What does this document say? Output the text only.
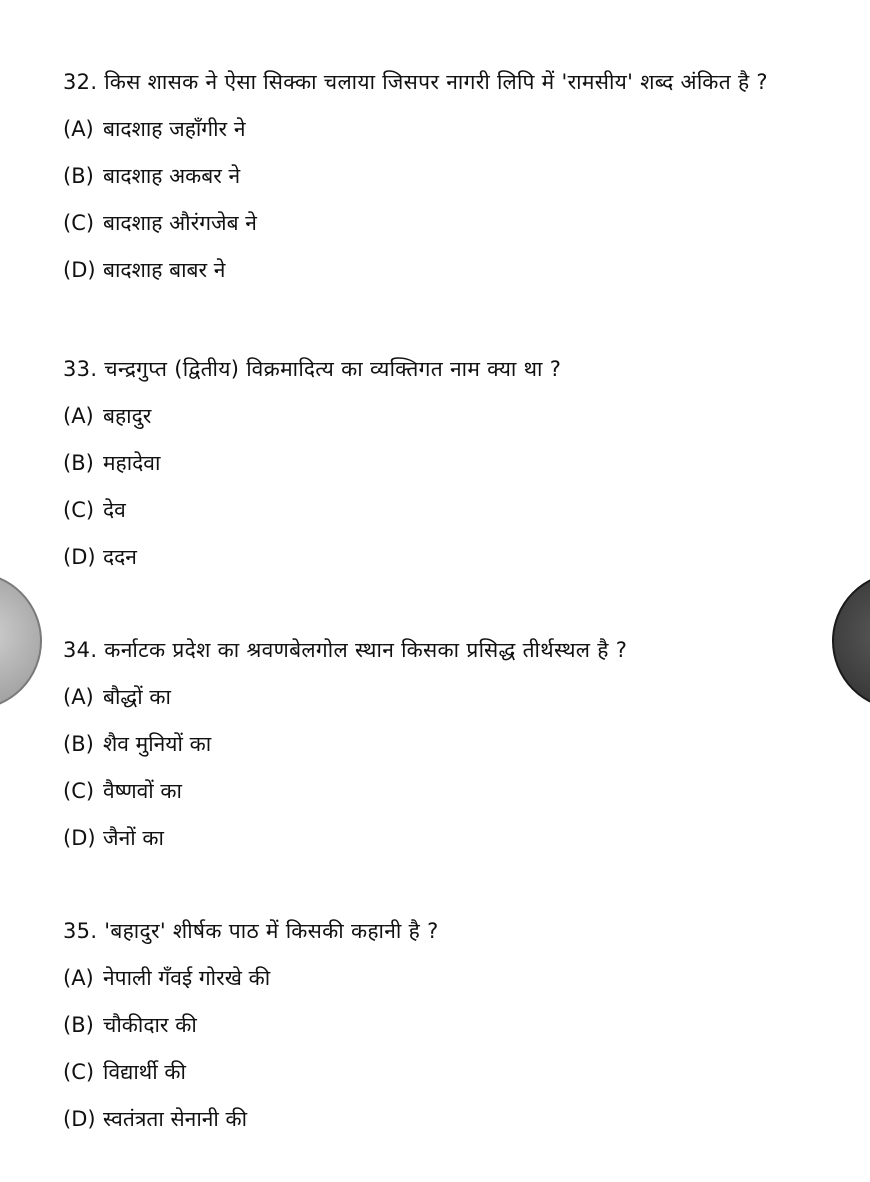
32. किस शासक ने ऐसा सिक्का चलाया जिसपर नागरी लिपि में 'रामसीय' शब्द अंकित है ?

(A) बादशाह जहाँगीर ने
(B) बादशाह अकबर ने
(C) बादशाह औरंगजेब ने
(D) बादशाह बाबर ने

33. चन्द्रगुप्त (द्वितीय) विक्रमादित्य का व्यक्तिगत नाम क्या था ?

(A) बहादुर
(B) महादेवा
(C) देव
(D) ददन

34. कर्नाटक प्रदेश का श्रवणबेलगोल स्थान किसका प्रसिद्ध तीर्थस्थल है ?

(A) बौद्धों का
(B) शैव मुनियों का
(C) वैष्णवों का
(D) जैनों का

35. 'बहादुर' शीर्षक पाठ में किसकी कहानी है ?

(A) नेपाली गँवई गोरखे की
(B) चौकीदार की
(C) विद्यार्थी की
(D) स्वतंत्रता सेनानी की
